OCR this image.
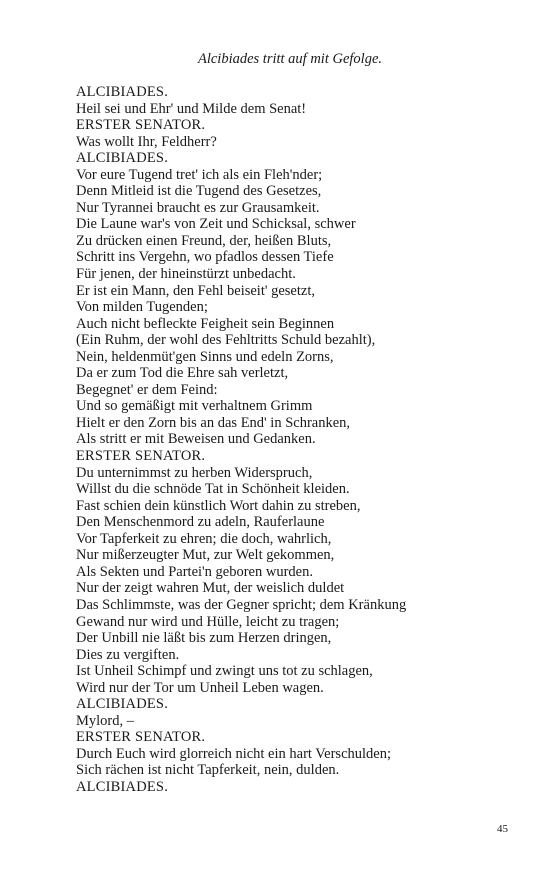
Alcibiades tritt auf mit Gefolge.
ALCIBIADES.
Heil sei und Ehr' und Milde dem Senat!
ERSTER SENATOR.
Was wollt Ihr, Feldherr?
ALCIBIADES.
Vor eure Tugend tret' ich als ein Fleh'nder;
Denn Mitleid ist die Tugend des Gesetzes,
Nur Tyrannei braucht es zur Grausamkeit.
Die Laune war's von Zeit und Schicksal, schwer
Zu drücken einen Freund, der, heißen Bluts,
Schritt ins Vergehn, wo pfadlos dessen Tiefe
Für jenen, der hineinstürzt unbedacht.
Er ist ein Mann, den Fehl beiseit' gesetzt,
Von milden Tugenden;
Auch nicht befleckte Feigheit sein Beginnen
(Ein Ruhm, der wohl des Fehltritts Schuld bezahlt),
Nein, heldenmüt'gen Sinns und edeln Zorns,
Da er zum Tod die Ehre sah verletzt,
Begegnet' er dem Feind:
Und so gemäßigt mit verhaltnem Grimm
Hielt er den Zorn bis an das End' in Schranken,
Als stritt er mit Beweisen und Gedanken.
ERSTER SENATOR.
Du unternimmst zu herben Widerspruch,
Willst du die schnöde Tat in Schönheit kleiden.
Fast schien dein künstlich Wort dahin zu streben,
Den Menschenmord zu adeln, Rauferlaune
Vor Tapferkeit zu ehren; die doch, wahrlich,
Nur mißerzeugter Mut, zur Welt gekommen,
Als Sekten und Partei'n geboren wurden.
Nur der zeigt wahren Mut, der weislich duldet
Das Schlimmste, was der Gegner spricht; dem Kränkung
Gewand nur wird und Hülle, leicht zu tragen;
Der Unbill nie läßt bis zum Herzen dringen,
Dies zu vergiften.
Ist Unheil Schimpf und zwingt uns tot zu schlagen,
Wird nur der Tor um Unheil Leben wagen.
ALCIBIADES.
Mylord, –
ERSTER SENATOR.
Durch Euch wird glorreich nicht ein hart Verschulden;
Sich rächen ist nicht Tapferkeit, nein, dulden.
ALCIBIADES.
45
